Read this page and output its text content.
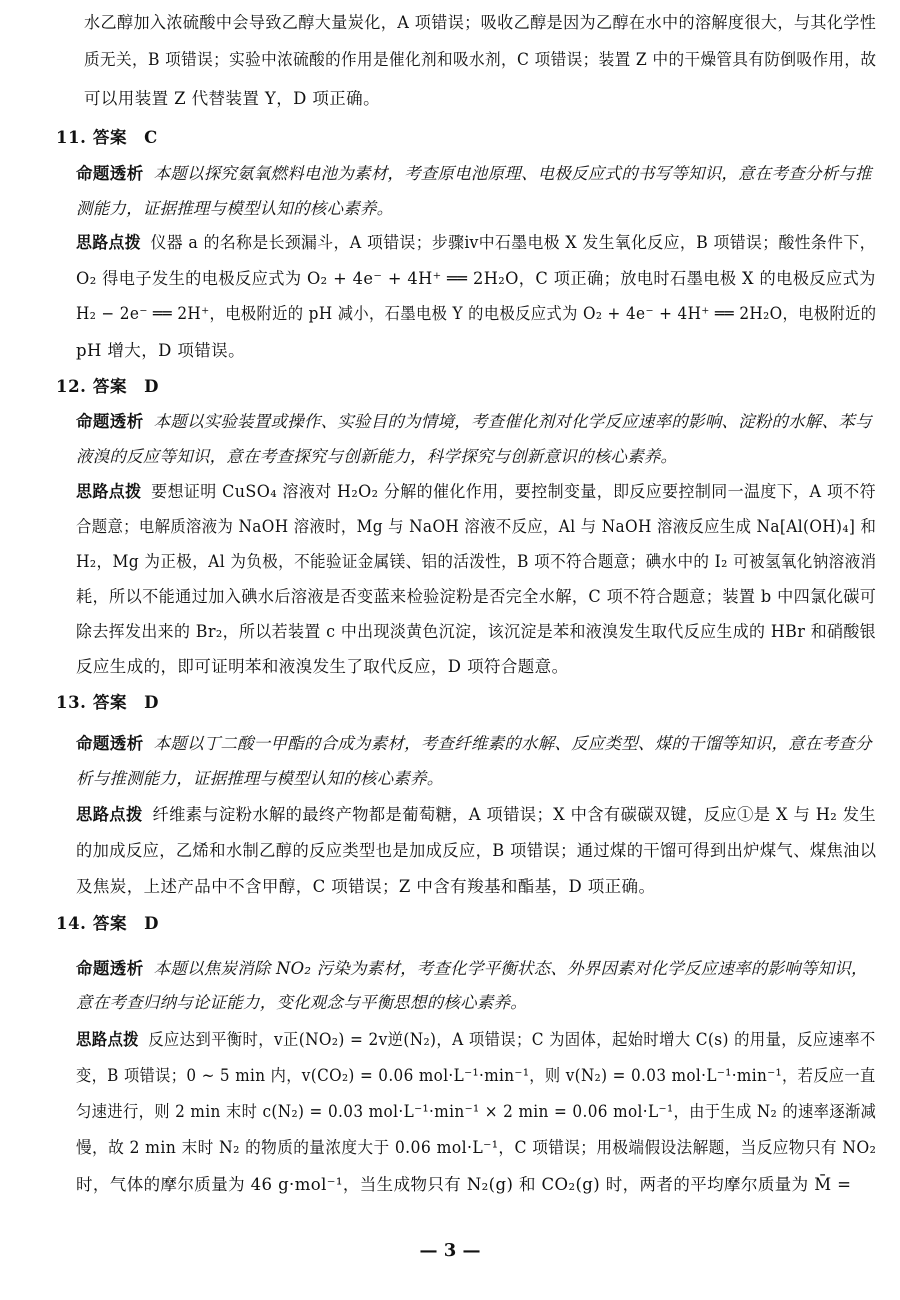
水乙醇加入浓硫酸中会导致乙醇大量炭化，A 项错误；吸收乙醇是因为乙醇在水中的溶解度很大，与其化学性
质无关，B 项错误；实验中浓硫酸的作用是催化剂和吸水剂，C 项错误；装置 Z 中的干燥管具有防倒吸作用，故
可以用装置 Z 代替装置 Y，D 项正确。
11. 答案　C
命题透析 本题以探究氨氧燃料电池为素材，考查原电池原理、电极反应式的书写等知识，意在考查分析与推
测能力，证据推理与模型认知的核心素养。
思路点拨 仪器 a 的名称是长颈漏斗，A 项错误；步骤ⅳ中石墨电极 X 发生氧化反应，B 项错误；酸性条件下，
O₂ 得电子发生的电极反应式为 O₂ + 4e⁻ + 4H⁺ ══ 2H₂O，C 项正确；放电时石墨电极 X 的电极反应式为
H₂ − 2e⁻ ══ 2H⁺，电极附近的 pH 减小，石墨电极 Y 的电极反应式为 O₂ + 4e⁻ + 4H⁺ ══ 2H₂O，电极附近的
pH 增大，D 项错误。
12. 答案　D
命题透析 本题以实验装置或操作、实验目的为情境，考查催化剂对化学反应速率的影响、淀粉的水解、苯与
液溴的反应等知识，意在考查探究与创新能力，科学探究与创新意识的核心素养。
思路点拨 要想证明 CuSO₄ 溶液对 H₂O₂ 分解的催化作用，要控制变量，即反应要控制同一温度下，A 项不符
合题意；电解质溶液为 NaOH 溶液时，Mg 与 NaOH 溶液不反应，Al 与 NaOH 溶液反应生成 Na[Al(OH)₄] 和
H₂，Mg 为正极，Al 为负极，不能验证金属镁、铝的活泼性，B 项不符合题意；碘水中的 I₂ 可被氢氧化钠溶液消
耗，所以不能通过加入碘水后溶液是否变蓝来检验淀粉是否完全水解，C 项不符合题意；装置 b 中四氯化碳可
除去挥发出来的 Br₂，所以若装置 c 中出现淡黄色沉淀，该沉淀是苯和液溴发生取代反应生成的 HBr 和硝酸银
反应生成的，即可证明苯和液溴发生了取代反应，D 项符合题意。
13. 答案　D
命题透析 本题以丁二酸一甲酯的合成为素材，考查纤维素的水解、反应类型、煤的干馏等知识，意在考查分
析与推测能力，证据推理与模型认知的核心素养。
思路点拨 纤维素与淀粉水解的最终产物都是葡萄糖，A 项错误；X 中含有碳碳双键，反应①是 X 与 H₂ 发生
的加成反应，乙烯和水制乙醇的反应类型也是加成反应，B 项错误；通过煤的干馏可得到出炉煤气、煤焦油以
及焦炭，上述产品中不含甲醇，C 项错误；Z 中含有羧基和酯基，D 项正确。
14. 答案　D
命题透析 本题以焦炭消除 NO₂ 污染为素材，考查化学平衡状态、外界因素对化学反应速率的影响等知识，
意在考查归纳与论证能力，变化观念与平衡思想的核心素养。
思路点拨 反应达到平衡时，v正(NO₂) = 2v逆(N₂)，A 项错误；C 为固体，起始时增大 C(s) 的用量，反应速率不
变，B 项错误；0 ~ 5 min 内，v(CO₂) = 0.06 mol·L⁻¹·min⁻¹，则 v(N₂) = 0.03 mol·L⁻¹·min⁻¹，若反应一直
匀速进行，则 2 min 末时 c(N₂) = 0.03 mol·L⁻¹·min⁻¹ × 2 min = 0.06 mol·L⁻¹，由于生成 N₂ 的速率逐渐减
慢，故 2 min 末时 N₂ 的物质的量浓度大于 0.06 mol·L⁻¹，C 项错误；用极端假设法解题，当反应物只有 NO₂
时，气体的摩尔质量为 46 g·mol⁻¹，当生成物只有 N₂(g) 和 CO₂(g) 时，两者的平均摩尔质量为 M̄ =
— 3 —
